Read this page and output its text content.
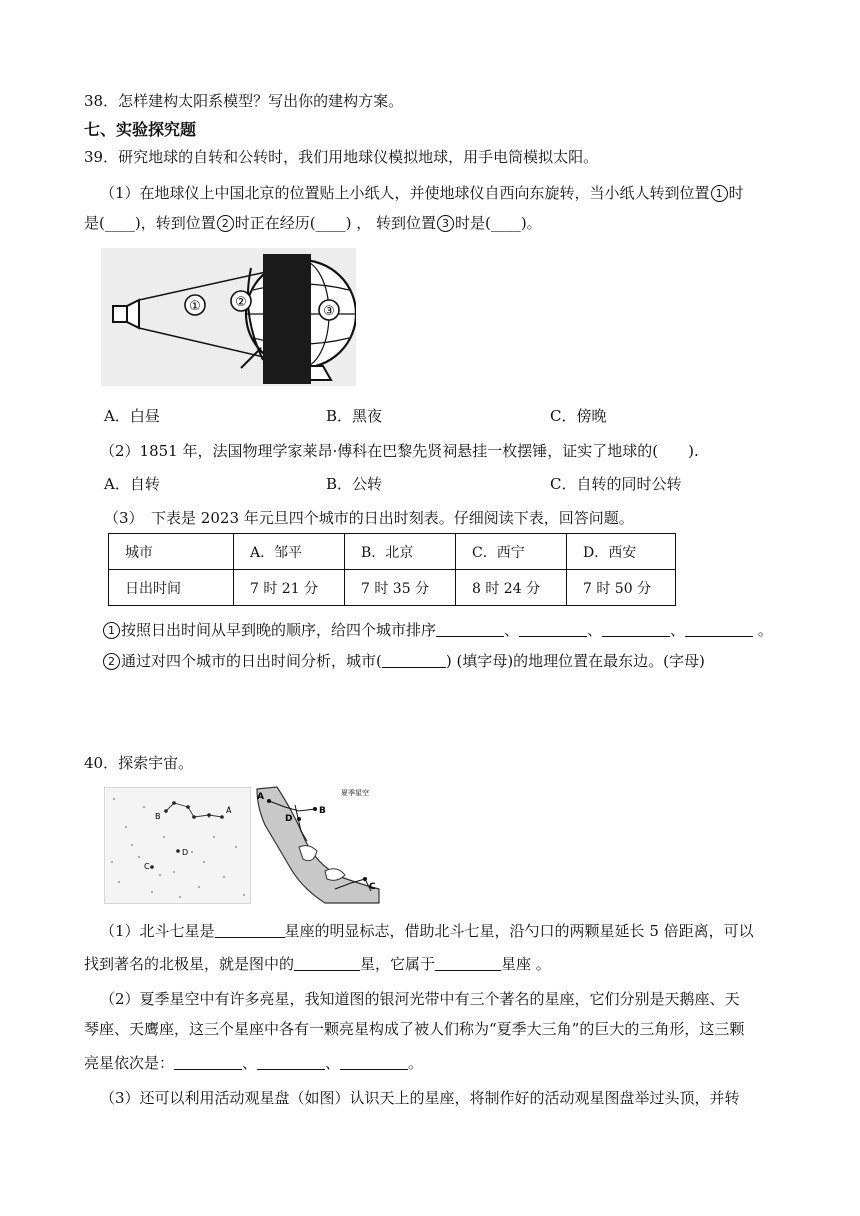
38．怎样建构太阳系模型？写出你的建构方案。
七、实验探究题
39．研究地球的自转和公转时，我们用地球仪模拟地球，用手电筒模拟太阳。
（1）在地球仪上中国北京的位置贴上小纸人，并使地球仪自西向东旋转，当小纸人转到位置 1 时
是(____)，转到位置 2 时正在经历(____) ， 转到位置 3 时是(____)。
①	②
③
A．白昼	B．黑夜	C．傍晚
（2）1851 年，法国物理学家莱昂·傅科在巴黎先贤祠悬挂一枚摆锤，证实了地球的(　　).
A．自转	B．公转	C．自转的同时公转
（3）　下表是 2023 年元旦四个城市的日出时刻表。仔细阅读下表，回答问题。
城市	A．邹平	B．北京	C．西宁	D．西安
日出时间	7 时 21 分	7 时 35 分	8 时 24 分	7 时 50 分
1 按照日出时间从早到晚的顺序，给四个城市排序	、	、	、	。
2 通过对四个城市的日出时间分析，城市(	) (填字母)的地理位置在最东边。(字母)
40．探索宇宙。
B
A
D
C
夏季星空
A
B
D
C
（1）北斗七星是	星座的明显标志，借助北斗七星，沿勺口的两颗星延长 5 倍距离，可以
找到著名的北极星，就是图中的	星，它属于	星座 。
（2）夏季星空中有许多亮星，我知道图的银河光带中有三个著名的星座，它们分别是天鹅座、天
琴座、天鹰座，这三个星座中各有一颗亮星构成了被人们称为“夏季大三角”的巨大的三角形，这三颗
亮星依次是：	、	、	。
（3）还可以利用活动观星盘（如图）认识天上的星座，将制作好的活动观星图盘举过头顶，并转
